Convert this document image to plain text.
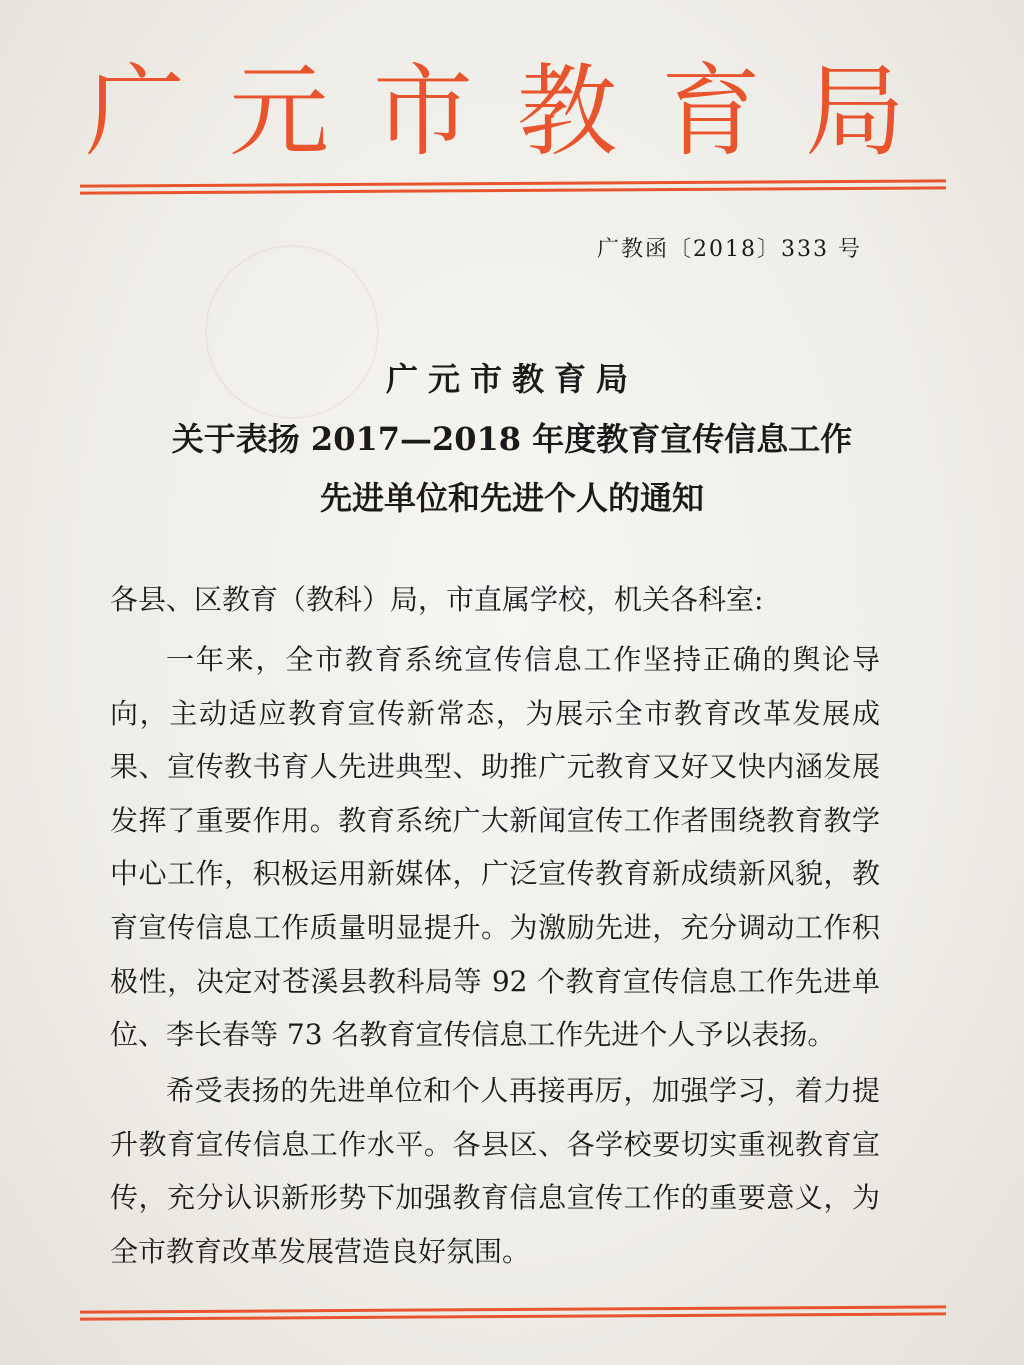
广元市教育局
广教函〔2018〕333 号
广元市教育局
关于表扬 2017—2018 年度教育宣传信息工作
先进单位和先进个人的通知
各县、区教育（教科）局，市直属学校，机关各科室:

一年来，全市教育系统宣传信息工作坚持正确的舆论导向，主动适应教育宣传新常态，为展示全市教育改革发展成果、宣传教书育人先进典型、助推广元教育又好又快内涵发展发挥了重要作用。教育系统广大新闻宣传工作者围绕教育教学中心工作，积极运用新媒体，广泛宣传教育新成绩新风貌，教育宣传信息工作质量明显提升。为激励先进，充分调动工作积极性，决定对苍溪县教科局等 92 个教育宣传信息工作先进单位、李长春等 73 名教育宣传信息工作先进个人予以表扬。

希受表扬的先进单位和个人再接再厉，加强学习，着力提升教育宣传信息工作水平。各县区、各学校要切实重视教育宣传，充分认识新形势下加强教育信息宣传工作的重要意义，为全市教育改革发展营造良好氛围。
